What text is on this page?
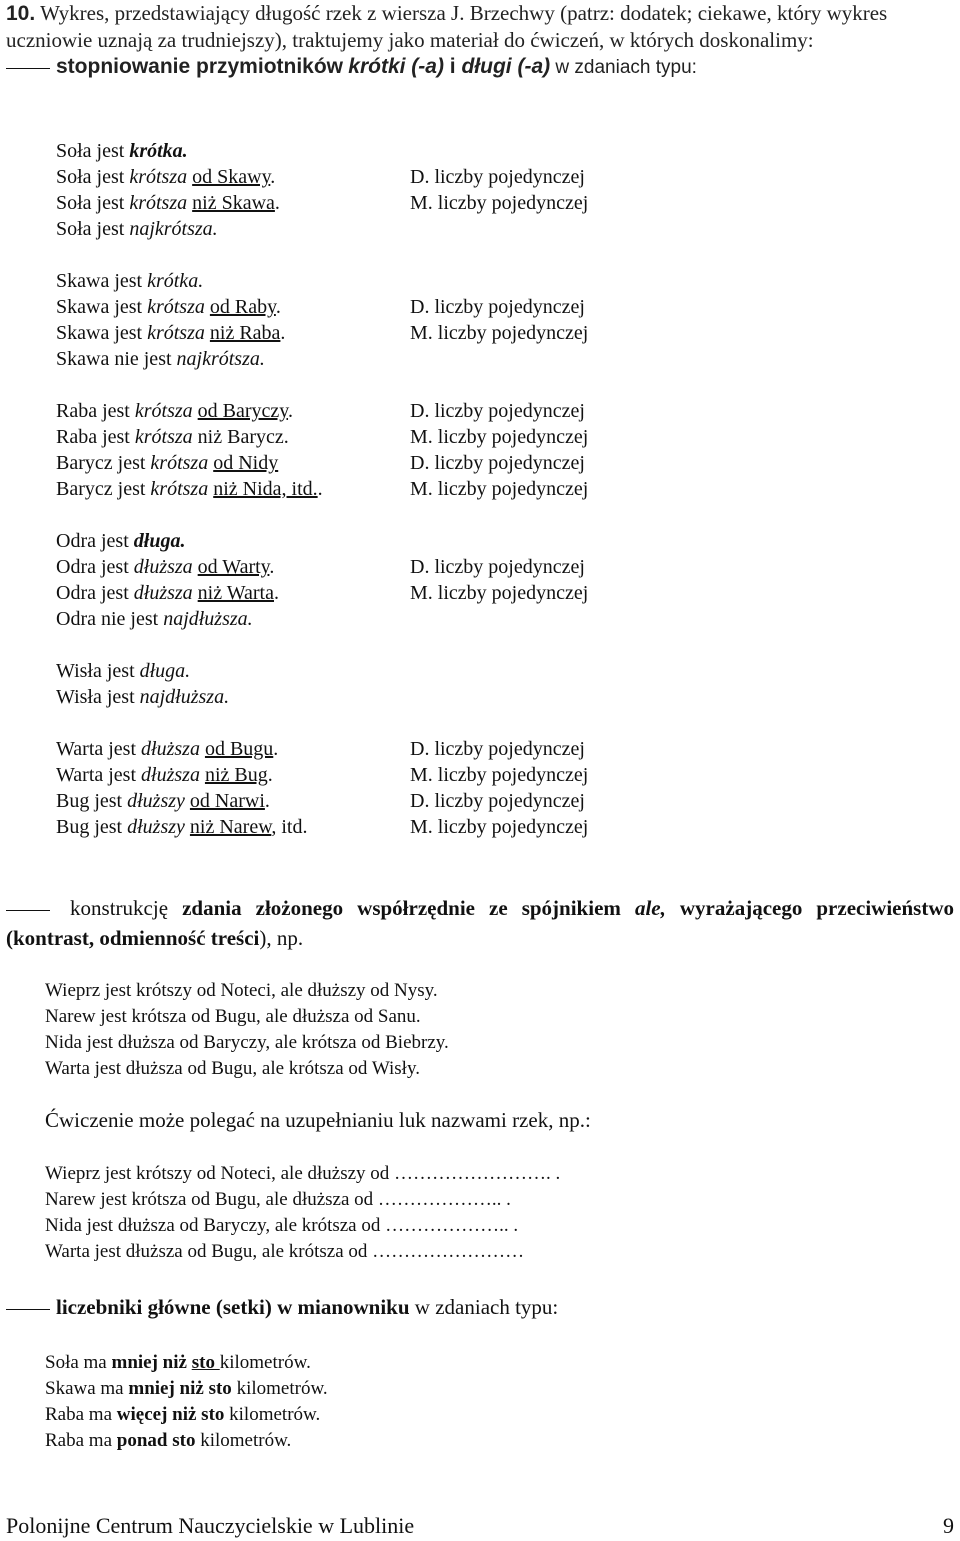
10. Wykres, przedstawiający długość rzek z wiersza J. Brzechwy (patrz: dodatek; ciekawe, który wykres uczniowie uznają za trudniejszy), traktujemy jako materiał do ćwiczeń, w których doskonalimy:
stopniowanie przymiotników krótki (-a) i długi (-a) w zdaniach typu:
Soła jest krótka.
Soła jest krótsza od Skawy.	D. liczby pojedynczej
Soła jest krótsza niż Skawa.	M. liczby pojedynczej
Soła jest najkrótsza.
Skawa jest krótka.
Skawa jest krótsza od Raby.	D. liczby pojedynczej
Skawa jest krótsza niż Raba.	M. liczby pojedynczej
Skawa nie jest najkrótsza.
Raba jest krótsza od Baryczy.	D. liczby pojedynczej
Raba jest krótsza niż Barycz.	M. liczby pojedynczej
Barycz jest krótsza od Nidy	D. liczby pojedynczej
Barycz jest krótsza niż Nida, itd..	M. liczby pojedynczej
Odra jest długa.
Odra jest dłuższa od Warty.	D. liczby pojedynczej
Odra jest dłuższa niż Warta.	M. liczby pojedynczej
Odra nie jest najdłuższa.
Wisła jest długa.
Wisła jest najdłuższa.
Warta jest dłuższa od Bugu.	D. liczby pojedynczej
Warta jest dłuższa niż Bug.	M. liczby pojedynczej
Bug jest dłuższy od Narwi.	D. liczby pojedynczej
Bug jest dłuższy niż Narew, itd.	M. liczby pojedynczej
konstrukcję zdania złożonego współrzędnie ze spójnikiem ale, wyrażającego przeciwieństwo (kontrast, odmienność treści), np.
Wieprz jest krótszy od Noteci, ale dłuższy od Nysy.
Narew jest krótsza od Bugu, ale dłuższa od Sanu.
Nida jest dłuższa od Baryczy, ale krótsza od Biebrzy.
Warta jest dłuższa od Bugu, ale krótsza od Wisły.
Ćwiczenie może polegać na uzupełnianiu luk nazwami rzek, np.:
Wieprz jest krótszy od Noteci, ale dłuższy od ……………………. .
Narew jest krótsza od Bugu, ale dłuższa od ……………….. .
Nida jest dłuższa od Baryczy, ale krótsza od ……………….. .
Warta jest dłuższa od Bugu, ale krótsza od ……………………
liczebniki główne (setki) w mianowniku w zdaniach typu:
Soła ma mniej niż sto kilometrów.
Skawa ma mniej niż sto kilometrów.
Raba ma więcej niż sto kilometrów.
Raba ma ponad sto kilometrów.
Polonijne Centrum Nauczycielskie w Lublinie	9
